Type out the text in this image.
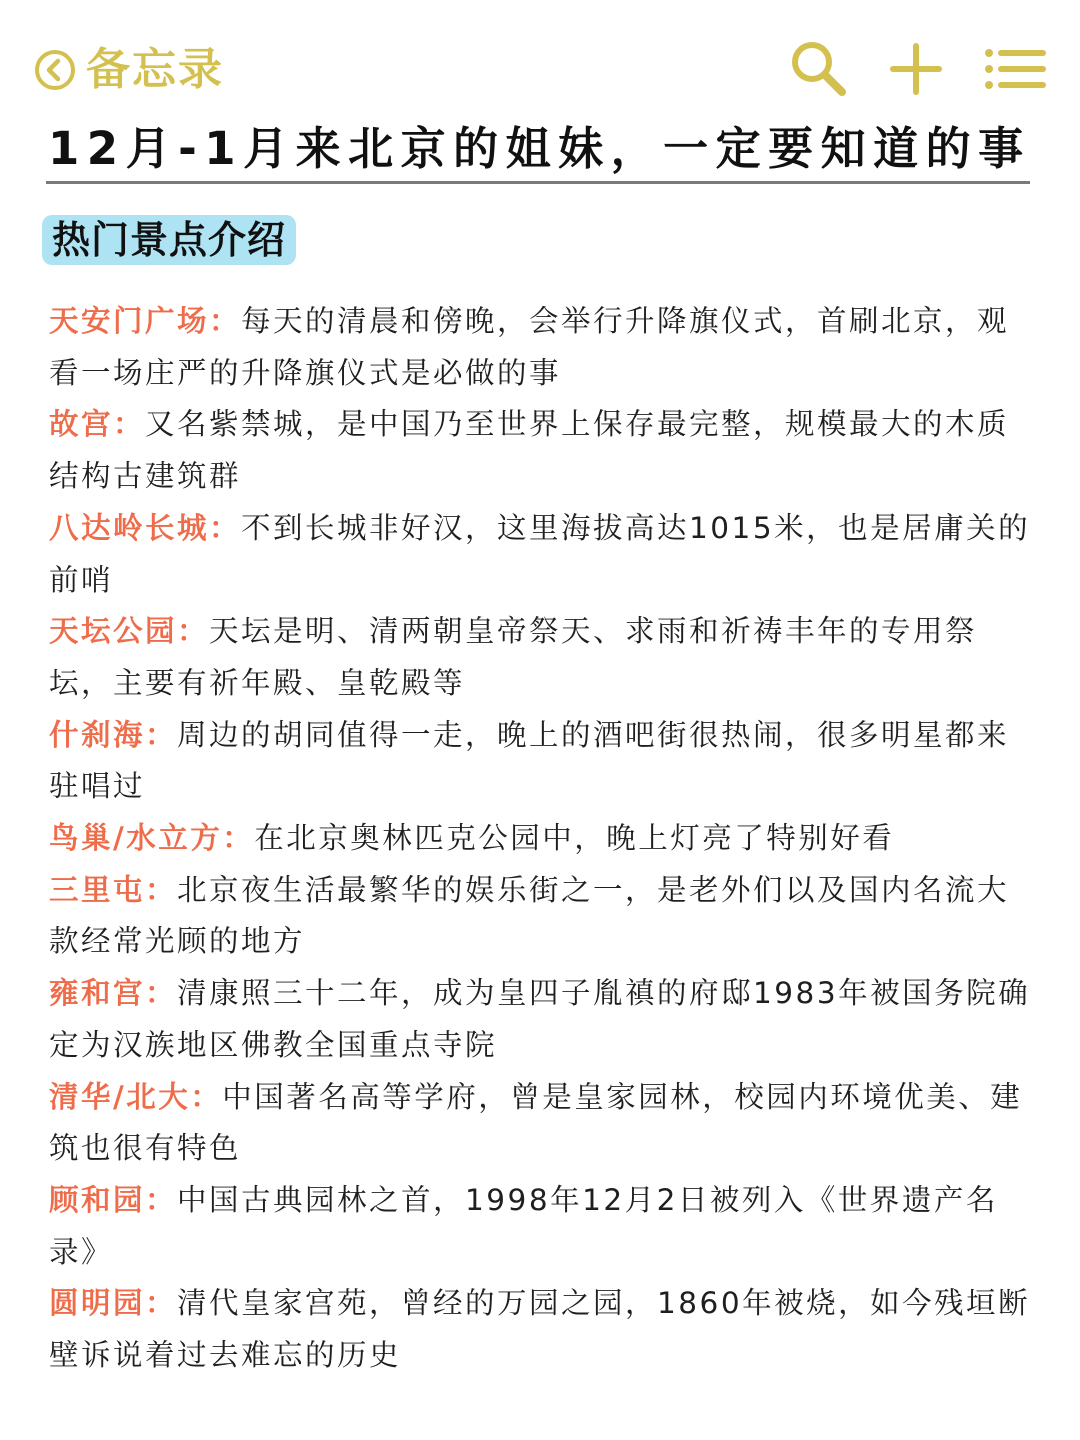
备忘录
12月-1月来北京的姐妹，一定要知道的事
热门景点介绍

天安门广场：每天的清晨和傍晚，会举行升降旗仪式，首刷北京，观看一场庄严的升降旗仪式是必做的事

故宫：又名紫禁城，是中国乃至世界上保存最完整，规模最大的木质结构古建筑群

八达岭长城：不到长城非好汉，这里海拔高达1015米，也是居庸关的前哨

天坛公园：天坛是明、清两朝皇帝祭天、求雨和祈祷丰年的专用祭坛，主要有祈年殿、皇乾殿等

什刹海：周边的胡同值得一走，晚上的酒吧街很热闹，很多明星都来驻唱过

鸟巢/水立方：在北京奥林匹克公园中，晚上灯亮了特别好看

三里屯：北京夜生活最繁华的娱乐街之一，是老外们以及国内名流大款经常光顾的地方

雍和宫：清康照三十二年，成为皇四子胤禛的府邸1983年被国务院确定为汉族地区佛教全国重点寺院

清华/北大：中国著名高等学府，曾是皇家园林，校园内环境优美、建筑也很有特色

顾和园：中国古典园林之首，1998年12月2日被列入《世界遗产名录》

圆明园：清代皇家宫苑，曾经的万园之园，1860年被烧，如今残垣断壁诉说着过去难忘的历史
